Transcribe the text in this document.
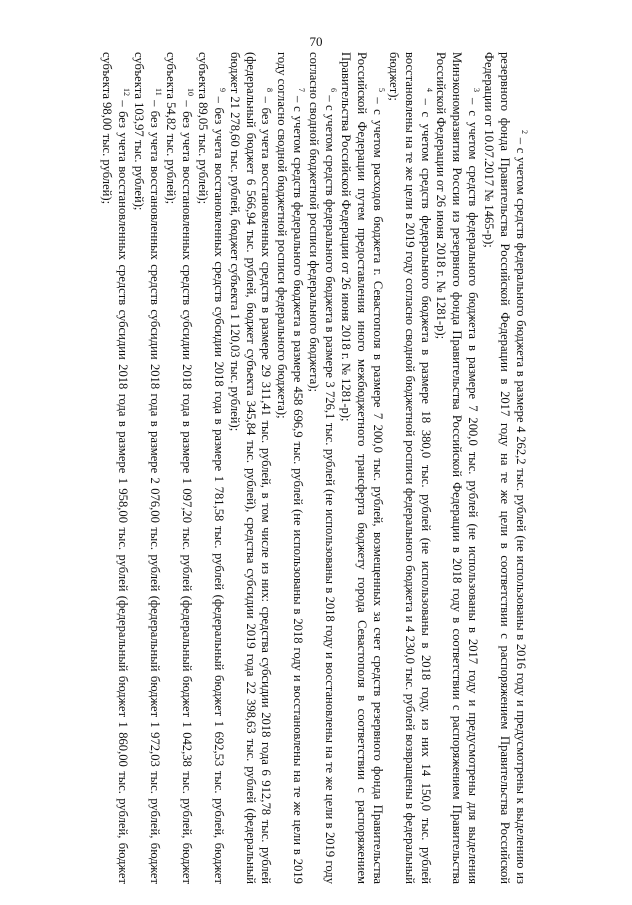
70

$^2$ – с учетом средств федерального бюджета в размере 4 262,2 тыс. рублей (не использованы в 2016 году и предусмотрены к выделению из резервного фонда Правительства Российской Федерации в 2017 году на те же цели в соответствии с распоряжением Правительства Российской Федерации от 10.07.2017 № 1465-р);

$^3$ – с учетом средств федерального бюджета в размере 7 200,0 тыс. рублей (не использованы в 2017 году и предусмотрены для выделения Минэкономразвития России из резервного фонда Правительства Российской Федерации в 2018 году в соответствии с распоряжением Правительства Российской Федерации от 26 июня 2018 г. № 1281-р);

$^4$ – с учетом средств федерального бюджета в размере 18 380,0 тыс. рублей (не использованы в 2018 году, из них 14 150,0 тыс. рублей восстановлены на те же цели в 2019 году согласно сводной бюджетной росписи федерального бюджета и 4 230,0 тыс. рублей возвращены в федеральный бюджет);

$^5$ – с учетом расходов бюджета г. Севастополя в размере 7 200,0 тыс. рублей, возмещенных за счет средств резервного фонда Правительства Российской Федерации путем предоставления иного межбюджетного трансферта бюджету города Севастополя в соответствии с распоряжением Правительства Российской Федерации от 26 июня 2018 г. № 1281-р);

$^6$ – с учетом средств федерального бюджета в размере 3 726,1 тыс. рублей (не использованы в 2018 году и восстановлены на те же цели в 2019 году согласно сводной бюджетной росписи федерального бюджета);

$^7$ – с учетом средств федерального бюджета в размере 458 696,9 тыс. рублей (не использованы в 2018 году и восстановлены на те же цели в 2019 году согласно сводной бюджетной росписи федерального бюджета);

$^8$ – без учета восстановленных средств в размере 29 311,41 тыс. рублей, в том числе из них: средства субсидии 2018 года 6 912,78 тыс. рублей (федеральный бюджет 6 566,94 тыс. рублей, бюджет субъекта 345,84 тыс. рублей), средства субсидии 2019 года 22 398,63 тыс. рублей (федеральный бюджет 21 278,60 тыс. рублей, бюджет субъекта 1 120,03 тыс. рублей);

$^9$ – без учета восстановленных средств субсидии 2018 года в размере 1 781,58 тыс. рублей (федеральный бюджет 1 692,53 тыс. рублей, бюджет субъекта 89,05 тыс. рублей);

$^{10}$ – без учета восстановленных средств субсидии 2018 года в размере 1 097,20 тыс. рублей (федеральный бюджет 1 042,38 тыс. рублей, бюджет субъекта 54,82 тыс. рублей);

$^{11}$ – без учета восстановленных средств субсидии 2018 года в размере 2 076,00 тыс. рублей (федеральный бюджет 1 972,03 тыс. рублей, бюджет субъекта 103,97 тыс. рублей);

$^{12}$ – без учета восстановленных средств субсидии 2018 года в размере 1 958,00 тыс. рублей (федеральный бюджет 1 860,00 тыс. рублей, бюджет субъекта 98,00 тыс. рублей);
